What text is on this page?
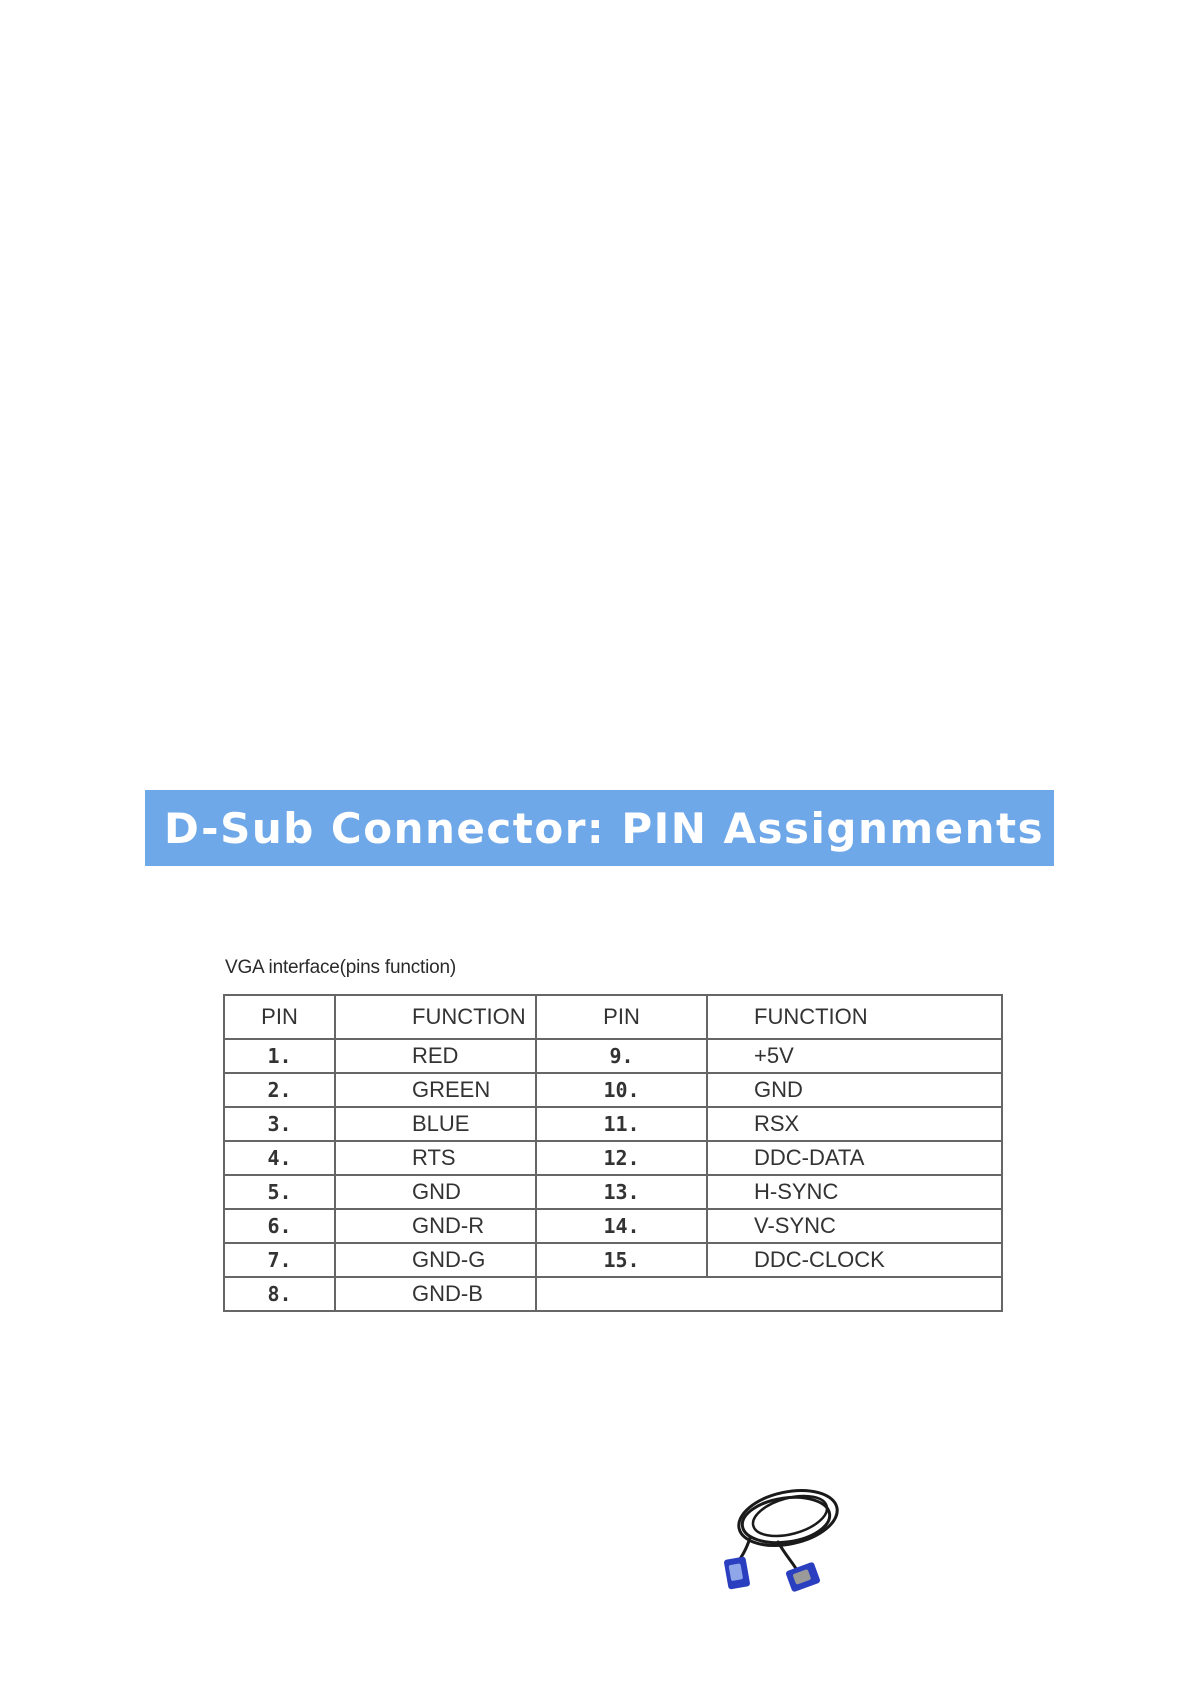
D-Sub Connector: PIN Assignments
VGA interface(pins function)
PIN	FUNCTION	PIN	FUNCTION
1.	RED	9.	+5V
2.	GREEN	10.	GND
3.	BLUE	11.	RSX
4.	RTS	12.	DDC-DATA
5.	GND	13.	H-SYNC
6.	GND-R	14.	V-SYNC
7.	GND-G	15.	DDC-CLOCK
8.	GND-B		
